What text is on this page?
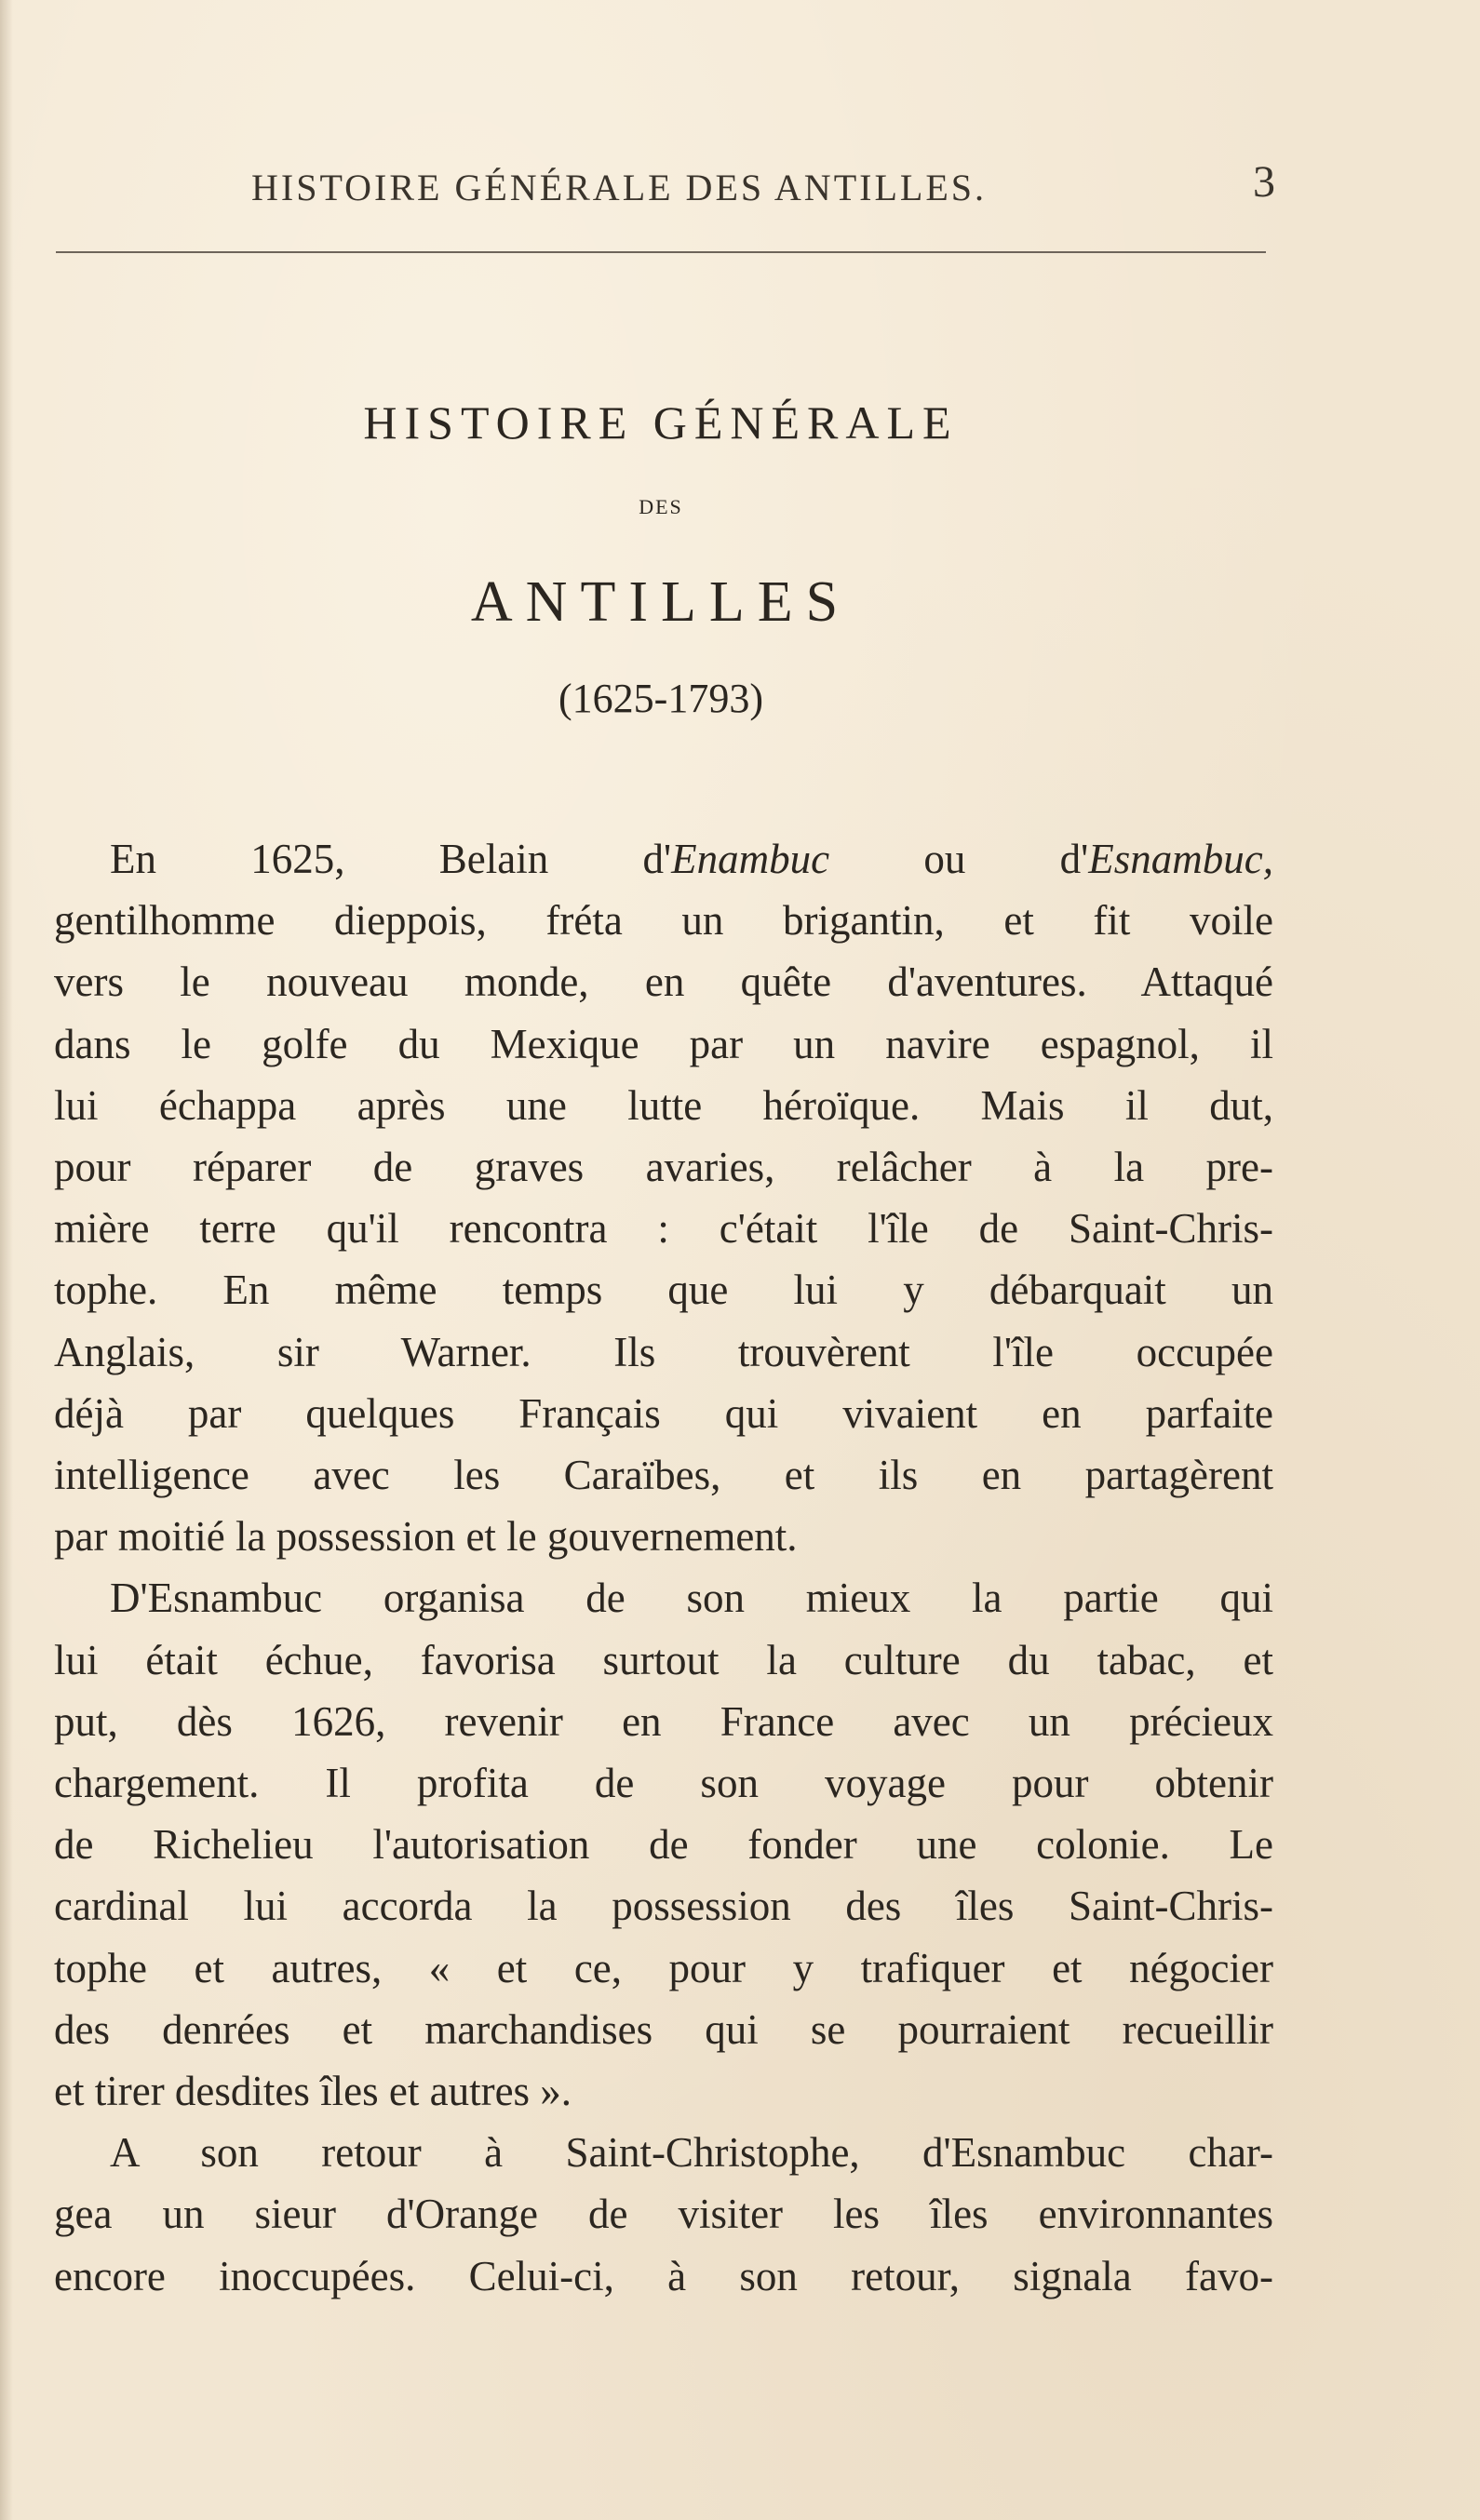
HISTOIRE GÉNÉRALE DES ANTILLES.	3
HISTOIRE GÉNÉRALE
DES
ANTILLES
(1625-1793)
En 1625, Belain d'Enambuc ou d'Esnambuc,
gentilhomme dieppois, fréta un brigantin, et fit voile
vers le nouveau monde, en quête d'aventures. Attaqué
dans le golfe du Mexique par un navire espagnol, il
lui échappa après une lutte héroïque. Mais il dut,
pour réparer de graves avaries, relâcher à la pre-
mière terre qu'il rencontra : c'était l'île de Saint-Chris-
tophe. En même temps que lui y débarquait un
Anglais, sir Warner. Ils trouvèrent l'île occupée
déjà par quelques Français qui vivaient en parfaite
intelligence avec les Caraïbes, et ils en partagèrent
par moitié la possession et le gouvernement.
D'Esnambuc organisa de son mieux la partie qui
lui était échue, favorisa surtout la culture du tabac, et
put, dès 1626, revenir en France avec un précieux
chargement. Il profita de son voyage pour obtenir
de Richelieu l'autorisation de fonder une colonie. Le
cardinal lui accorda la possession des îles Saint-Chris-
tophe et autres, « et ce, pour y trafiquer et négocier
des denrées et marchandises qui se pourraient recueillir
et tirer desdites îles et autres ».
A son retour à Saint-Christophe, d'Esnambuc char-
gea un sieur d'Orange de visiter les îles environnantes
encore inoccupées. Celui-ci, à son retour, signala favo-
